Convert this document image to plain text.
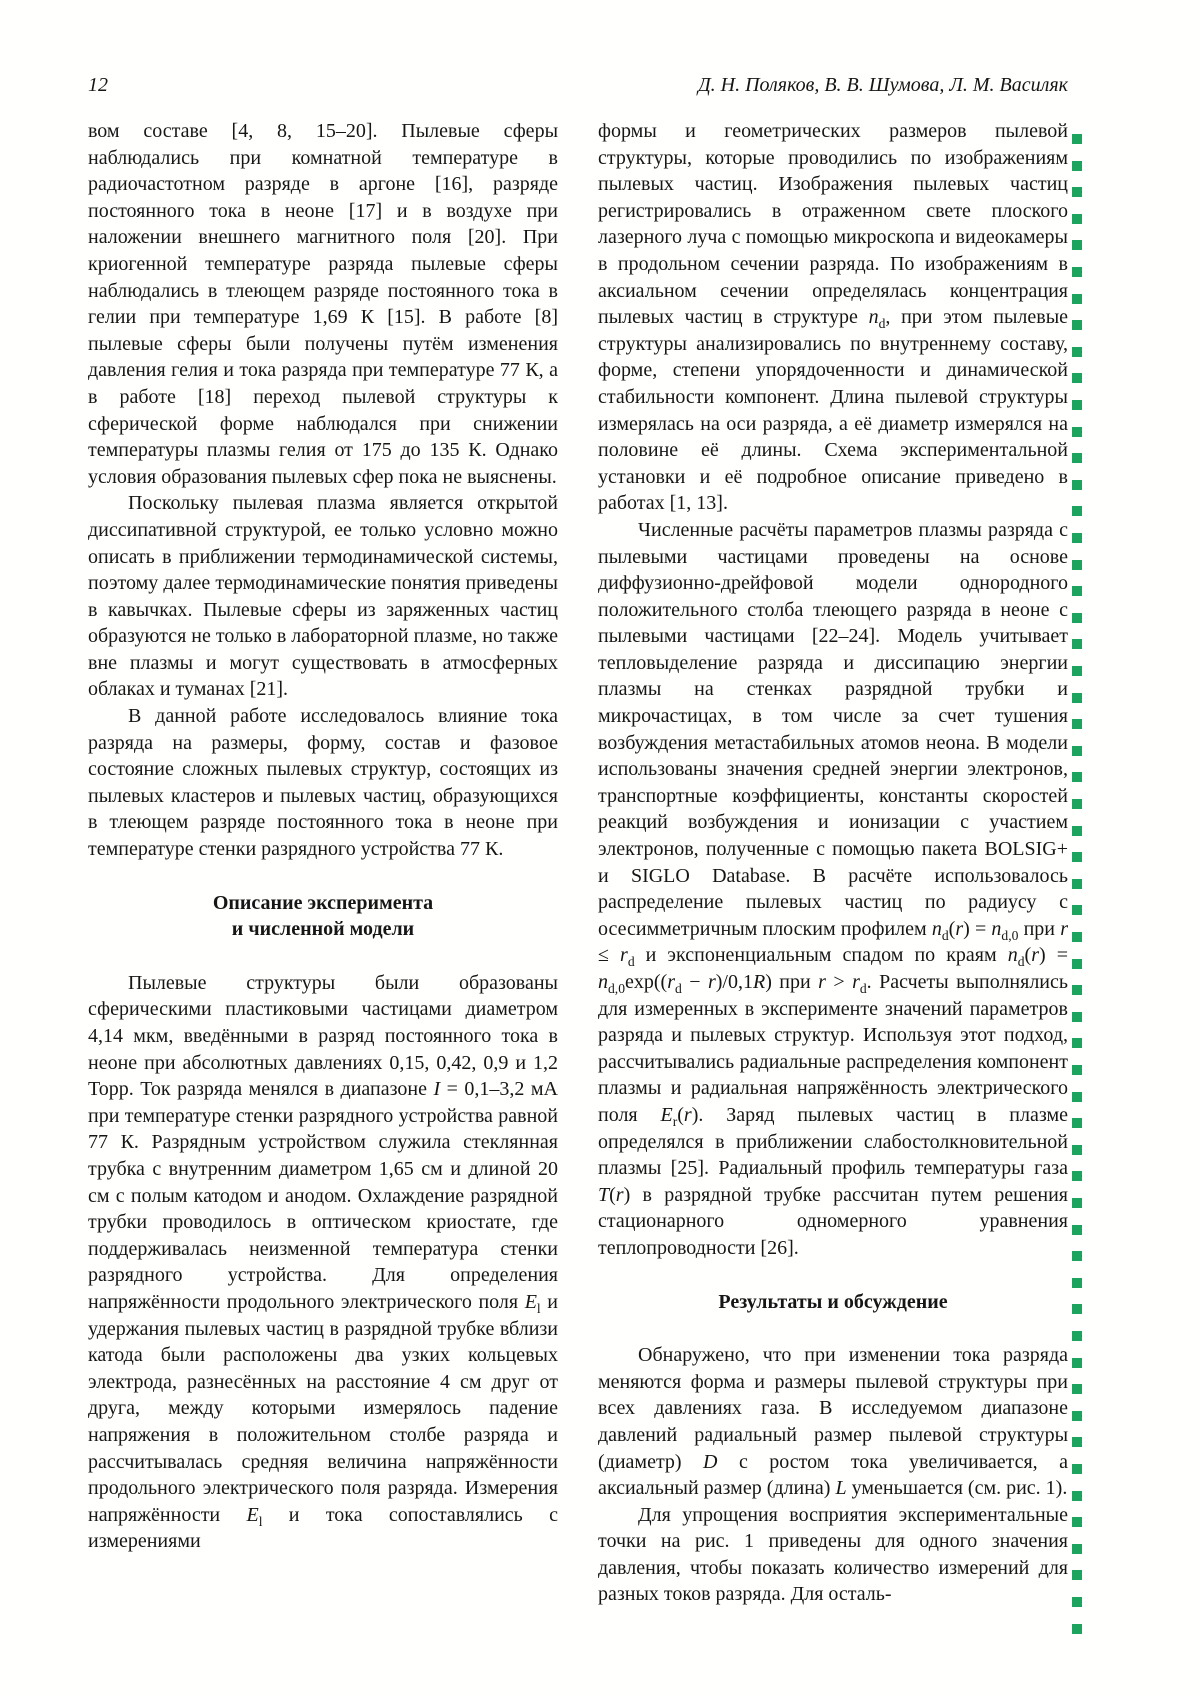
12	Д. Н. Поляков, В. В. Шумова, Л. М. Василяк

вом составе [4, 8, 15–20]. Пылевые сферы наблюдались при комнатной температуре в радиочастотном разряде в аргоне [16], разряде постоянного тока в неоне [17] и в воздухе при наложении внешнего магнитного поля [20]. При криогенной температуре разряда пылевые сферы наблюдались в тлеющем разряде постоянного тока в гелии при температуре 1,69 К [15]. В работе [8] пылевые сферы были получены путём изменения давления гелия и тока разряда при температуре 77 К, а в работе [18] переход пылевой структуры к сферической форме наблюдался при снижении температуры плазмы гелия от 175 до 135 К. Однако условия образования пылевых сфер пока не выяснены.

Поскольку пылевая плазма является открытой диссипативной структурой, ее только условно можно описать в приближении термодинамической системы, поэтому далее термодинамические понятия приведены в кавычках. Пылевые сферы из заряженных частиц образуются не только в лабораторной плазме, но также вне плазмы и могут существовать в атмосферных облаках и туманах [21].

В данной работе исследовалось влияние тока разряда на размеры, форму, состав и фазовое состояние сложных пылевых структур, состоящих из пылевых кластеров и пылевых частиц, образующихся в тлеющем разряде постоянного тока в неоне при температуре стенки разрядного устройства 77 К.

Описание эксперимента
и численной модели

Пылевые структуры были образованы сферическими пластиковыми частицами диаметром 4,14 мкм, введёнными в разряд постоянного тока в неоне при абсолютных давлениях 0,15, 0,42, 0,9 и 1,2 Торр. Ток разряда менялся в диапазоне I = 0,1–3,2 мА при температуре стенки разрядного устройства равной 77 К. Разрядным устройством служила стеклянная трубка с внутренним диаметром 1,65 см и длиной 20 см с полым катодом и анодом. Охлаждение разрядной трубки проводилось в оптическом криостате, где поддерживалась неизменной температура стенки разрядного устройства. Для определения напряжённости продольного электрического поля $E_l$ и удержания пылевых частиц в разрядной трубке вблизи катода были расположены два узких кольцевых электрода, разнесённых на расстояние 4 см друг от друга, между которыми измерялось падение напряжения в положительном столбе разряда и рассчитывалась средняя величина напряжённости продольного электрического поля разряда. Измерения напряжённости $E_l$ и тока сопоставлялись с измерениями

формы и геометрических размеров пылевой структуры, которые проводились по изображениям пылевых частиц. Изображения пылевых частиц регистрировались в отраженном свете плоского лазерного луча с помощью микроскопа и видеокамеры в продольном сечении разряда. По изображениям в аксиальном сечении определялась концентрация пылевых частиц в структуре $n_d$, при этом пылевые структуры анализировались по внутреннему составу, форме, степени упорядоченности и динамической стабильности компонент. Длина пылевой структуры измерялась на оси разряда, а её диаметр измерялся на половине её длины. Схема экспериментальной установки и её подробное описание приведено в работах [1, 13].

Численные расчёты параметров плазмы разряда с пылевыми частицами проведены на основе диффузионно-дрейфовой модели однородного положительного столба тлеющего разряда в неоне с пылевыми частицами [22–24]. Модель учитывает тепловыделение разряда и диссипацию энергии плазмы на стенках разрядной трубки и микрочастицах, в том числе за счет тушения возбуждения метастабильных атомов неона. В модели использованы значения средней энергии электронов, транспортные коэффициенты, константы скоростей реакций возбуждения и ионизации с участием электронов, полученные с помощью пакета BOLSIG+ и SIGLO Database. В расчёте использовалось распределение пылевых частиц по радиусу с осесимметричным плоским профилем $n_d(r) = n_{d,0}$ при $r \le r_d$ и экспоненциальным спадом по краям $n_d(r) = n_{d,0}\exp((r_d - r)/0,1R)$ при $r > r_d$. Расчеты выполнялись для измеренных в эксперименте значений параметров разряда и пылевых структур. Используя этот подход, рассчитывались радиальные распределения компонент плазмы и радиальная напряжённость электрического поля $E_r(r)$. Заряд пылевых частиц в плазме определялся в приближении слабостолкновительной плазмы [25]. Радиальный профиль температуры газа T(r) в разрядной трубке рассчитан путем решения стационарного одномерного уравнения теплопроводности [26].

Результаты и обсуждение

Обнаружено, что при изменении тока разряда меняются форма и размеры пылевой структуры при всех давлениях газа. В исследуемом диапазоне давлений радиальный размер пылевой структуры (диаметр) D с ростом тока увеличивается, а аксиальный размер (длина) L уменьшается (см. рис. 1).

Для упрощения восприятия экспериментальные точки на рис. 1 приведены для одного значения давления, чтобы показать количество измерений для разных токов разряда. Для осталь-
